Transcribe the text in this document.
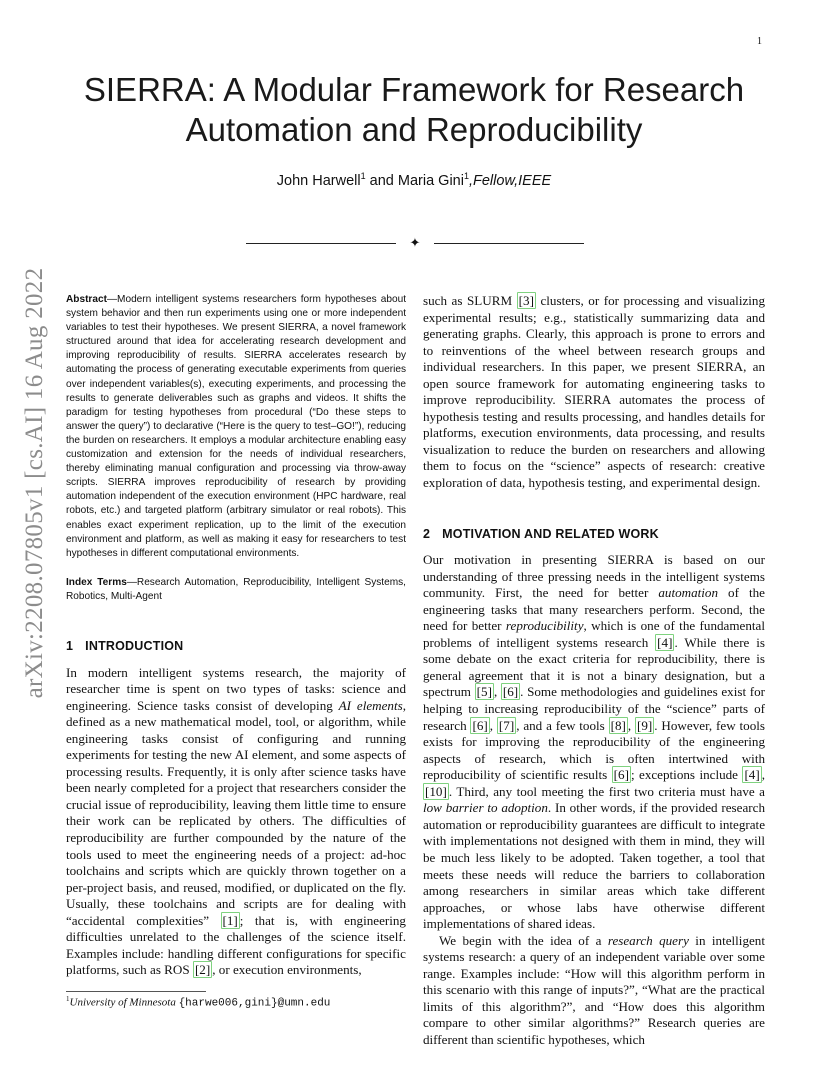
1
arXiv:2208.07805v1 [cs.AI] 16 Aug 2022
SIERRA: A Modular Framework for Research
Automation and Reproducibility
John Harwell$^1$ and Maria Gini$^1$,Fellow,IEEE
✦

Abstract—Modern intelligent systems researchers form hypotheses about system behavior and then run experiments using one or more independent variables to test their hypotheses. We present SIERRA, a novel framework structured around that idea for accelerating research development and improving reproducibility of results. SIERRA accelerates research by automating the process of generating executable experiments from queries over independent variables(s), executing experiments, and processing the results to generate deliverables such as graphs and videos. It shifts the paradigm for testing hypotheses from procedural (“Do these steps to answer the query”) to declarative (“Here is the query to test–GO!”), reducing the burden on researchers. It employs a modular architecture enabling easy customization and extension for the needs of individual researchers, thereby eliminating manual configuration and processing via throw-away scripts. SIERRA improves reproducibility of research by providing automation independent of the execution environment (HPC hardware, real robots, etc.) and targeted platform (arbitrary simulator or real robots). This enables exact experiment replication, up to the limit of the execution environment and platform, as well as making it easy for researchers to test hypotheses in different computational environments.

Index Terms—Research Automation, Reproducibility, Intelligent Systems, Robotics, Multi-Agent

1 INTRODUCTION

In modern intelligent systems research, the majority of researcher time is spent on two types of tasks: science and engineering. Science tasks consist of developing AI elements, defined as a new mathematical model, tool, or algorithm, while engineering tasks consist of configuring and running experiments for testing the new AI element, and some aspects of processing results. Frequently, it is only after science tasks have been nearly completed for a project that researchers consider the crucial issue of reproducibility, leaving them little time to ensure their work can be replicated by others. The difficulties of reproducibility are further compounded by the nature of the tools used to meet the engineering needs of a project: ad-hoc toolchains and scripts which are quickly thrown together on a per-project basis, and reused, modified, or duplicated on the fly. Usually, these toolchains and scripts are for dealing with “accidental complexities” [1] ; that is, with engineering difficulties unrelated to the challenges of the science itself. Examples include: handling different configurations for specific platforms, such as ROS [2] , or execution environments,

such as SLURM [3] clusters, or for processing and visualizing experimental results; e.g., statistically summarizing data and generating graphs. Clearly, this approach is prone to errors and to reinventions of the wheel between research groups and individual researchers. In this paper, we present SIERRA, an open source framework for automating engineering tasks to improve reproducibility. SIERRA automates the process of hypothesis testing and results processing, and handles details for platforms, execution environments, data processing, and results visualization to reduce the burden on researchers and allowing them to focus on the “science” aspects of research: creative exploration of data, hypothesis testing, and experimental design.

2 MOTIVATION AND RELATED WORK

Our motivation in presenting SIERRA is based on our understanding of three pressing needs in the intelligent systems community. First, the need for better automation of the engineering tasks that many researchers perform. Second, the need for better reproducibility, which is one of the fundamental problems of intelligent systems research [4] . While there is some debate on the exact criteria for reproducibility, there is general agreement that it is not a binary designation, but a spectrum [5] , [6] . Some methodologies and guidelines exist for helping to increasing reproducibility of the “science” parts of research [6] , [7] , and a few tools [8] , [9] . However, few tools exists for improving the reproducibility of the engineering aspects of research, which is often intertwined with reproducibility of scientific results [6] ; exceptions include [4] , [10] . Third, any tool meeting the first two criteria must have a low barrier to adoption. In other words, if the provided research automation or reproducibility guarantees are difficult to integrate with implementations not designed with them in mind, they will be much less likely to be adopted. Taken together, a tool that meets these needs will reduce the barriers to collaboration among researchers in similar areas which take different approaches, or whose labs have otherwise different implementations of shared ideas.

We begin with the idea of a research query in intelligent systems research: a query of an independent variable over some range. Examples include: “How will this algorithm perform in this scenario with this range of inputs?”, “What are the practical limits of this algorithm?”, and “How does this algorithm compare to other similar algorithms?” Research queries are different than scientific hypotheses, which

$^1$University of Minnesota {harwe006,gini}@umn.edu
